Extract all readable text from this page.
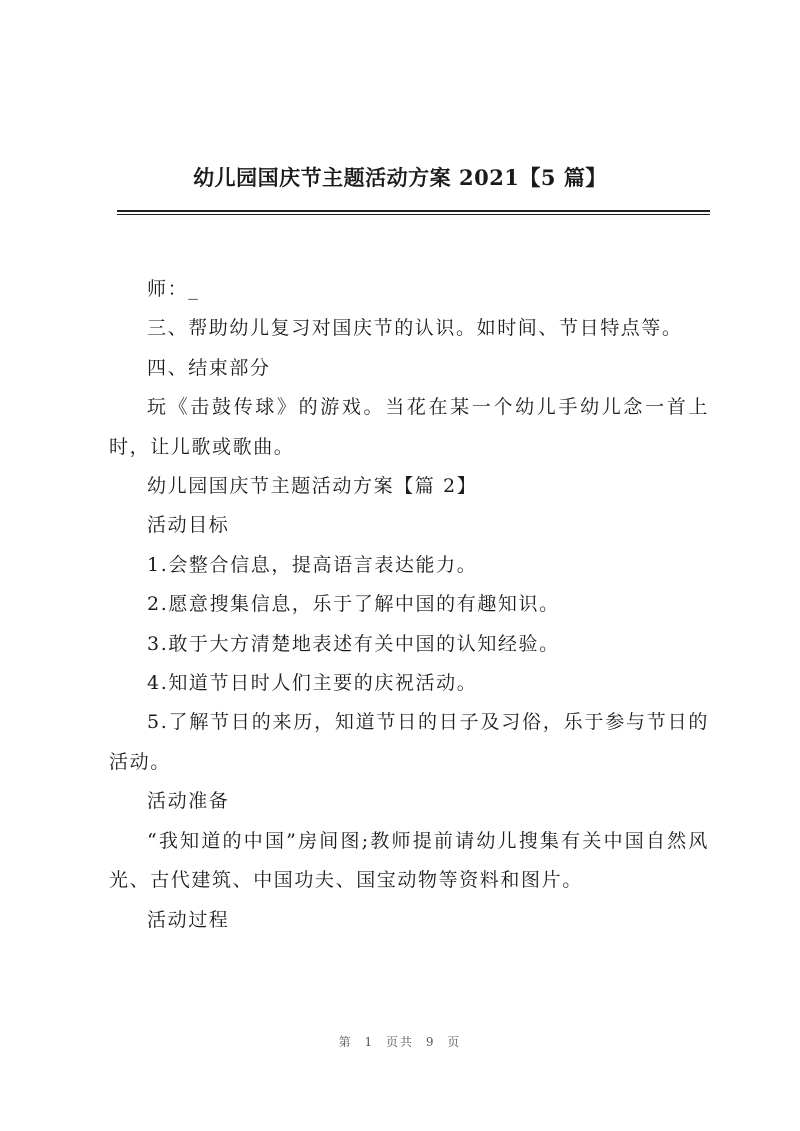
幼儿园国庆节主题活动方案 2021【5 篇】

师：_

三、帮助幼儿复习对国庆节的认识。如时间、节日特点等。

四、结束部分

玩《击鼓传球》的游戏。当花在某一个幼儿手幼儿念一首上时，让儿歌或歌曲。

幼儿园国庆节主题活动方案【篇 2】

活动目标

1.会整合信息，提高语言表达能力。

2.愿意搜集信息，乐于了解中国的有趣知识。

3.敢于大方清楚地表述有关中国的认知经验。

4.知道节日时人们主要的庆祝活动。

5.了解节日的来历，知道节日的日子及习俗，乐于参与节日的活动。

活动准备

“我知道的中国”房间图;教师提前请幼儿搜集有关中国自然风光、古代建筑、中国功夫、国宝动物等资料和图片。

活动过程

第 1 页共 9 页
